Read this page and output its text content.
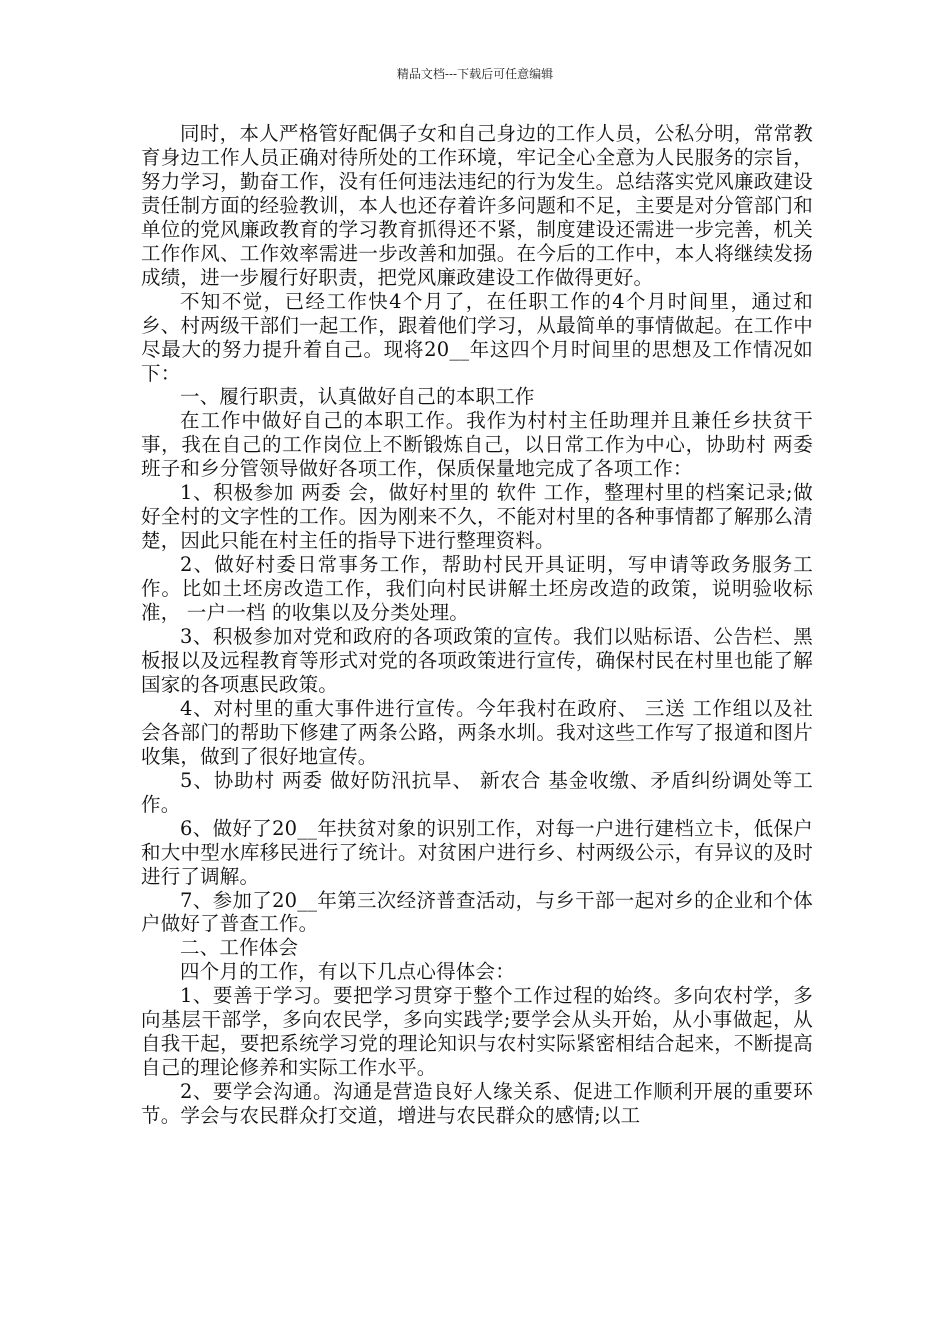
精品文档---下载后可任意编辑

同时，本人严格管好配偶子女和自己身边的工作人员，公私分明，常常教育身边工作人员正确对待所处的工作环境，牢记全心全意为人民服务的宗旨，努力学习，勤奋工作，没有任何违法违纪的行为发生。总结落实党风廉政建设责任制方面的经验教训，本人也还存着许多问题和不足，主要是对分管部门和单位的党风廉政教育的学习教育抓得还不紧，制度建设还需进一步完善，机关工作作风、工作效率需进一步改善和加强。在今后的工作中，本人将继续发扬成绩，进一步履行好职责，把党风廉政建设工作做得更好。

不知不觉，已经工作快4个月了，在任职工作的4个月时间里，通过和乡、村两级干部们一起工作，跟着他们学习，从最简单的事情做起。在工作中尽最大的努力提升着自己。现将20__年这四个月时间里的思想及工作情况如下：

一、履行职责，认真做好自己的本职工作

在工作中做好自己的本职工作。我作为村村主任助理并且兼任乡扶贫干事，我在自己的工作岗位上不断锻炼自己，以日常工作为中心，协助村 两委 班子和乡分管领导做好各项工作，保质保量地完成了各项工作：

1、积极参加 两委 会，做好村里的 软件 工作，整理村里的档案记录;做好全村的文字性的工作。因为刚来不久，不能对村里的各种事情都了解那么清楚，因此只能在村主任的指导下进行整理资料。

2、做好村委日常事务工作，帮助村民开具证明，写申请等政务服务工作。比如土坯房改造工作，我们向村民讲解土坯房改造的政策，说明验收标准， 一户一档 的收集以及分类处理。

3、积极参加对党和政府的各项政策的宣传。我们以贴标语、公告栏、黑板报以及远程教育等形式对党的各项政策进行宣传，确保村民在村里也能了解国家的各项惠民政策。

4、对村里的重大事件进行宣传。今年我村在政府、 三送 工作组以及社会各部门的帮助下修建了两条公路，两条水圳。我对这些工作写了报道和图片收集，做到了很好地宣传。

5、协助村 两委 做好防汛抗旱、 新农合 基金收缴、矛盾纠纷调处等工作。

6、做好了20__年扶贫对象的识别工作，对每一户进行建档立卡，低保户和大中型水库移民进行了统计。对贫困户进行乡、村两级公示，有异议的及时进行了调解。

7、参加了20__年第三次经济普查活动，与乡干部一起对乡的企业和个体户做好了普查工作。

二、工作体会

四个月的工作，有以下几点心得体会：

1、要善于学习。要把学习贯穿于整个工作过程的始终。多向农村学，多向基层干部学，多向农民学，多向实践学;要学会从头开始，从小事做起，从自我干起，要把系统学习党的理论知识与农村实际紧密相结合起来，不断提高自己的理论修养和实际工作水平。

2、要学会沟通。沟通是营造良好人缘关系、促进工作顺利开展的重要环节。学会与农民群众打交道，增进与农民群众的感情;以工
